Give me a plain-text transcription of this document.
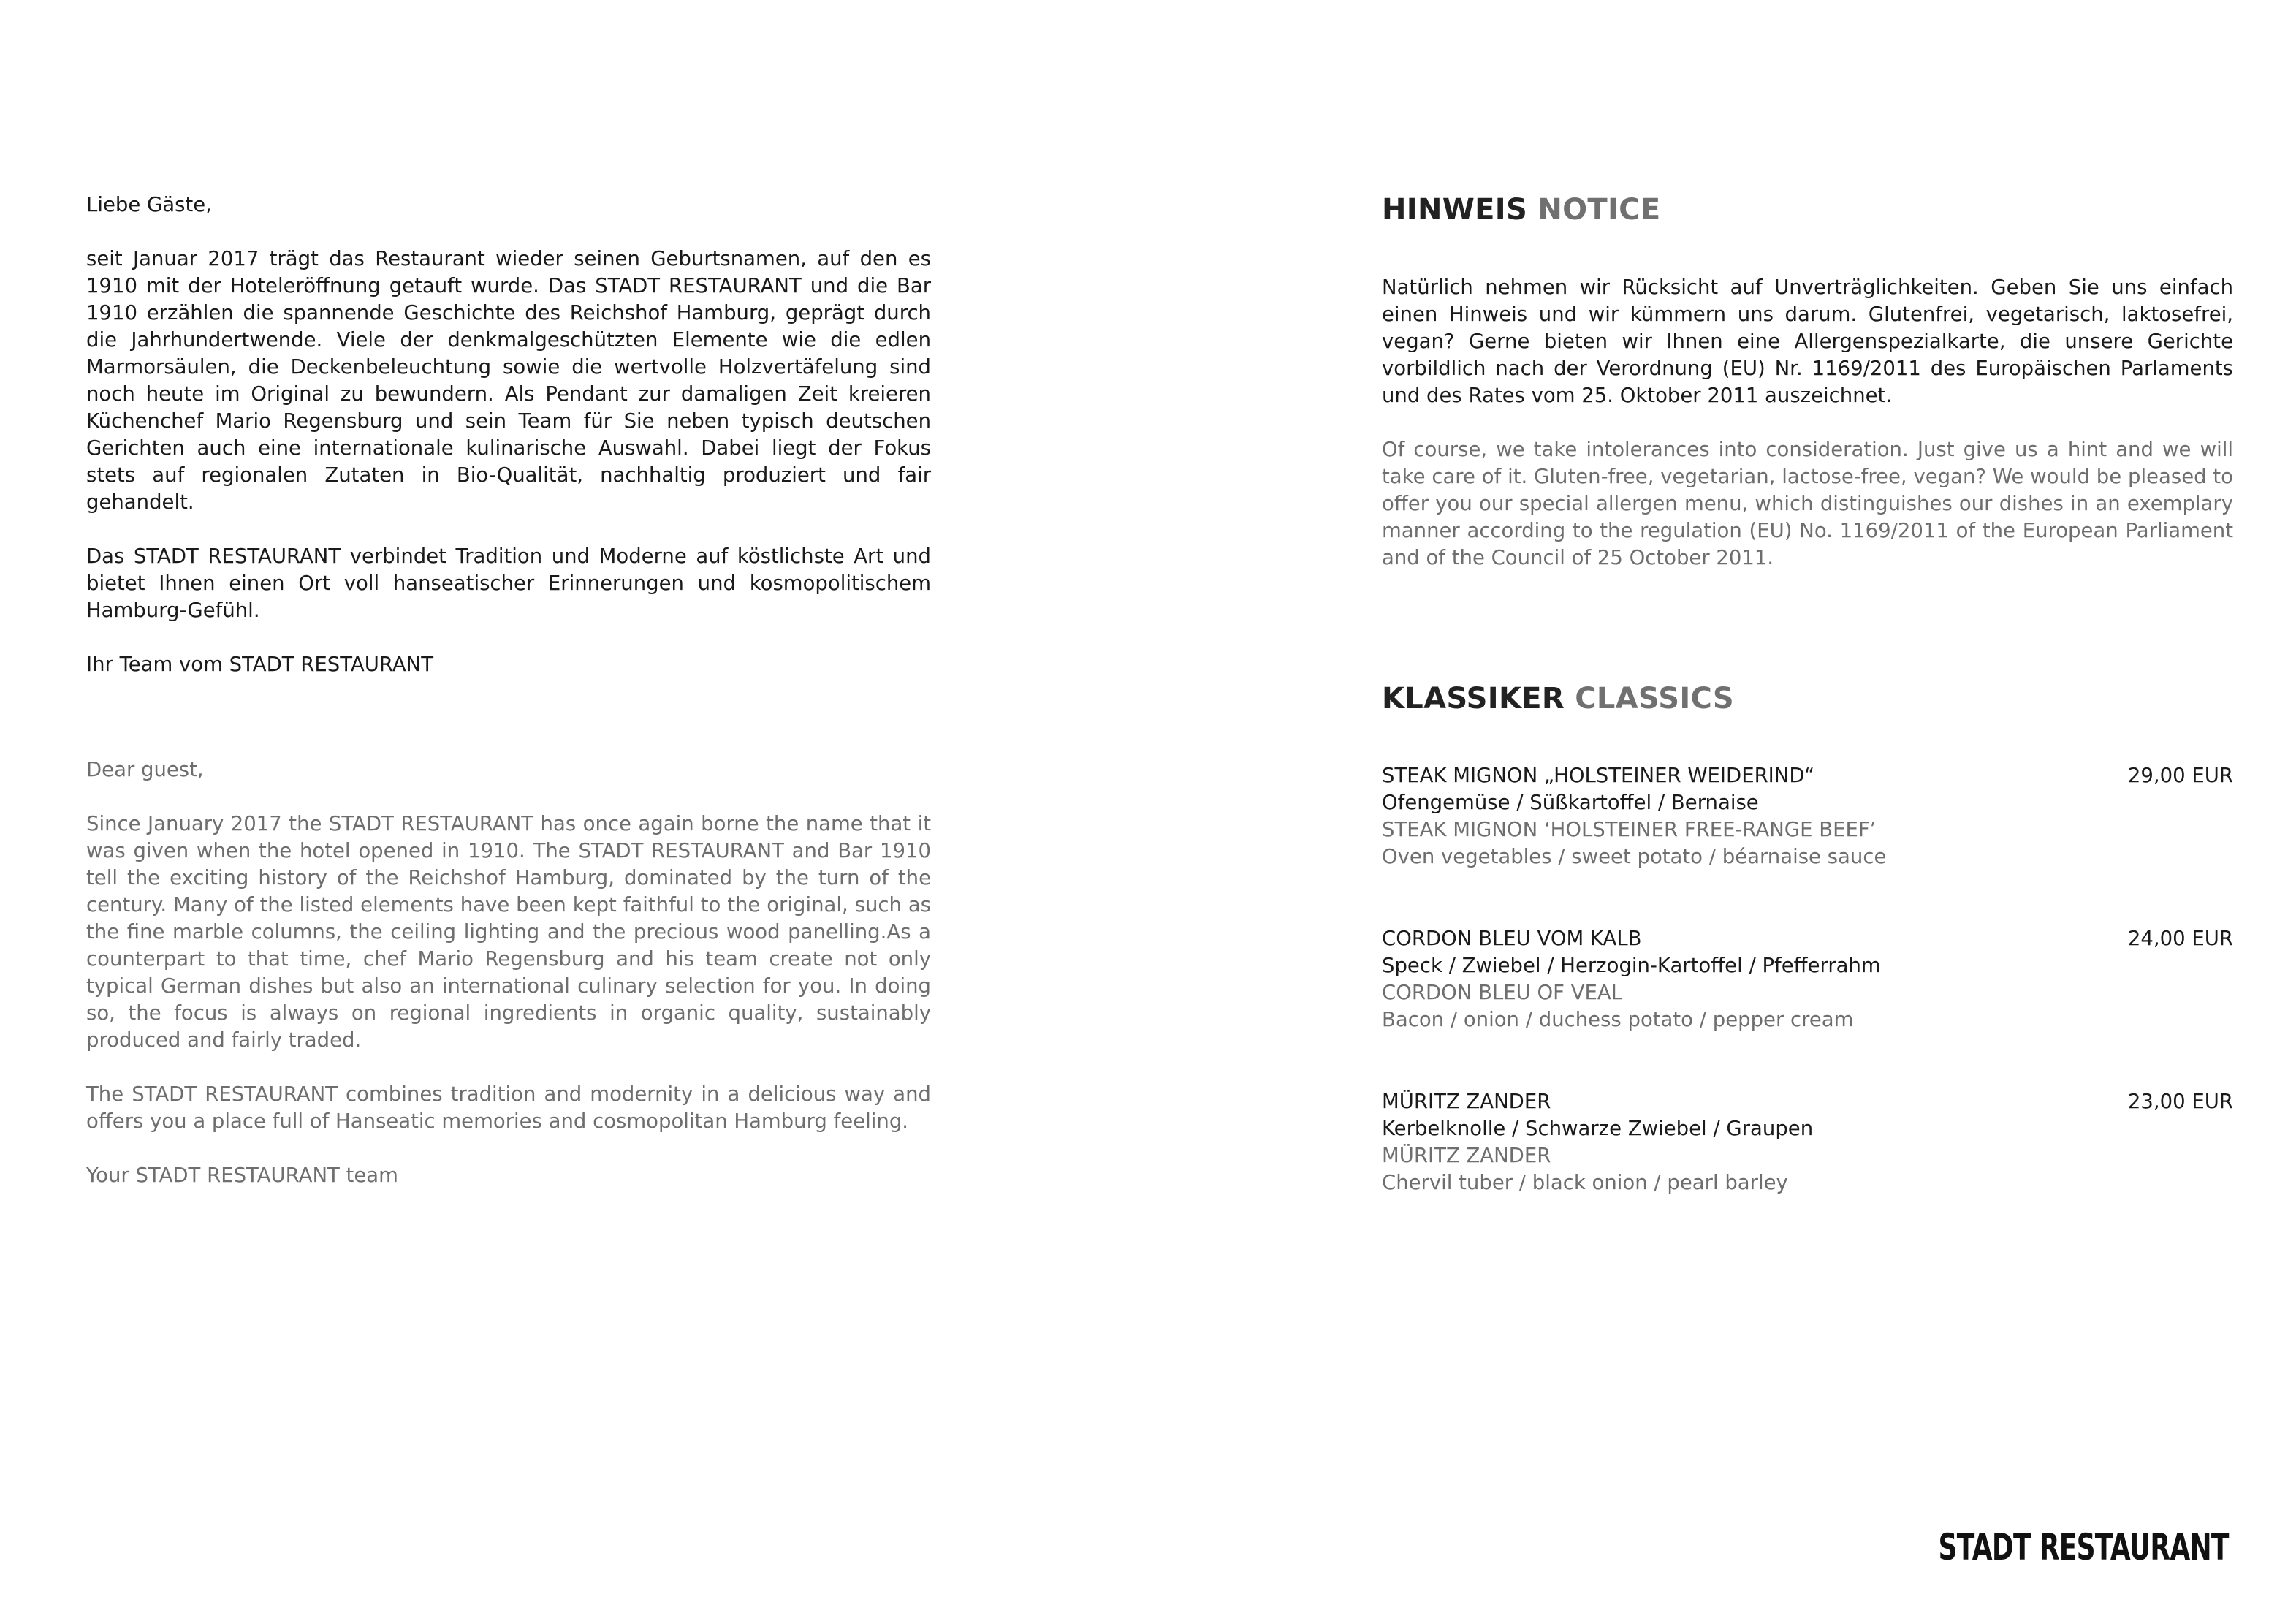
Liebe Gäste,

seit Januar 2017 trägt das Restaurant wieder seinen Geburtsnamen, auf den es 1910 mit der Hoteleröffnung getauft wurde. Das STADT RESTAURANT und die Bar 1910 erzählen die spannende Geschichte des Reichshof Hamburg, geprägt durch die Jahrhundertwende. Viele der denkmalgeschützten Elemente wie die edlen Marmorsäulen, die Deckenbeleuchtung sowie die wertvolle Holzvertäfelung sind noch heute im Original zu bewundern. Als Pendant zur damaligen Zeit kreieren Küchenchef Mario Regensburg und sein Team für Sie neben typisch deutschen Gerichten auch eine internationale kulinarische Auswahl. Dabei liegt der Fokus stets auf regionalen Zutaten in Bio-Qualität, nachhaltig produziert und fair gehandelt.

Das STADT RESTAURANT verbindet Tradition und Moderne auf köstlichste Art und bietet Ihnen einen Ort voll hanseatischer Erinnerungen und kosmopolitischem Hamburg-Gefühl.

Ihr Team vom STADT RESTAURANT

Dear guest,

Since January 2017 the STADT RESTAURANT has once again borne the name that it was given when the hotel opened in 1910. The STADT RESTAURANT and Bar 1910 tell the exciting history of the Reichshof Hamburg, dominated by the turn of the century. Many of the listed elements have been kept faithful to the original, such as the fine marble columns, the ceiling lighting and the precious wood panelling.As a counterpart to that time, chef Mario Regensburg and his team create not only typical German dishes but also an international culinary selection for you. In doing so, the focus is always on regional ingredients in organic quality, sustainably produced and fairly traded.

The STADT RESTAURANT combines tradition and modernity in a delicious way and offers you a place full of Hanseatic memories and cosmopolitan Hamburg feeling.

Your STADT RESTAURANT team

HINWEIS NOTICE

Natürlich nehmen wir Rücksicht auf Unverträglichkeiten. Geben Sie uns einfach einen Hinweis und wir kümmern uns darum. Glutenfrei, vegetarisch, laktosefrei, vegan? Gerne bieten wir Ihnen eine Allergenspezialkarte, die unsere Gerichte vorbildlich nach der Verordnung (EU) Nr. 1169/2011 des Europäischen Parlaments und des Rates vom 25. Oktober 2011 auszeichnet.

Of course, we take intolerances into consideration. Just give us a hint and we will take care of it. Gluten-free, vegetarian, lactose-free, vegan? We would be pleased to offer you our special allergen menu, which distinguishes our dishes in an exemplary manner according to the regulation (EU) No. 1169/2011 of the European Parliament and of the Council of 25 October 2011.

KLASSIKER CLASSICS
STEAK MIGNON „HOLSTEINER WEIDERIND“
Ofengemüse / Süßkartoffel / Bernaise
STEAK MIGNON ‘HOLSTEINER FREE-RANGE BEEF’
Oven vegetables / sweet potato / béarnaise sauce
29,00 EUR
CORDON BLEU VOM KALB
Speck / Zwiebel / Herzogin-Kartoffel / Pfefferrahm
CORDON BLEU OF VEAL
Bacon / onion / duchess potato / pepper cream
24,00 EUR
MÜRITZ ZANDER
Kerbelknolle / Schwarze Zwiebel / Graupen
MÜRITZ ZANDER
Chervil tuber / black onion / pearl barley
23,00 EUR
STADT RESTAURANT
